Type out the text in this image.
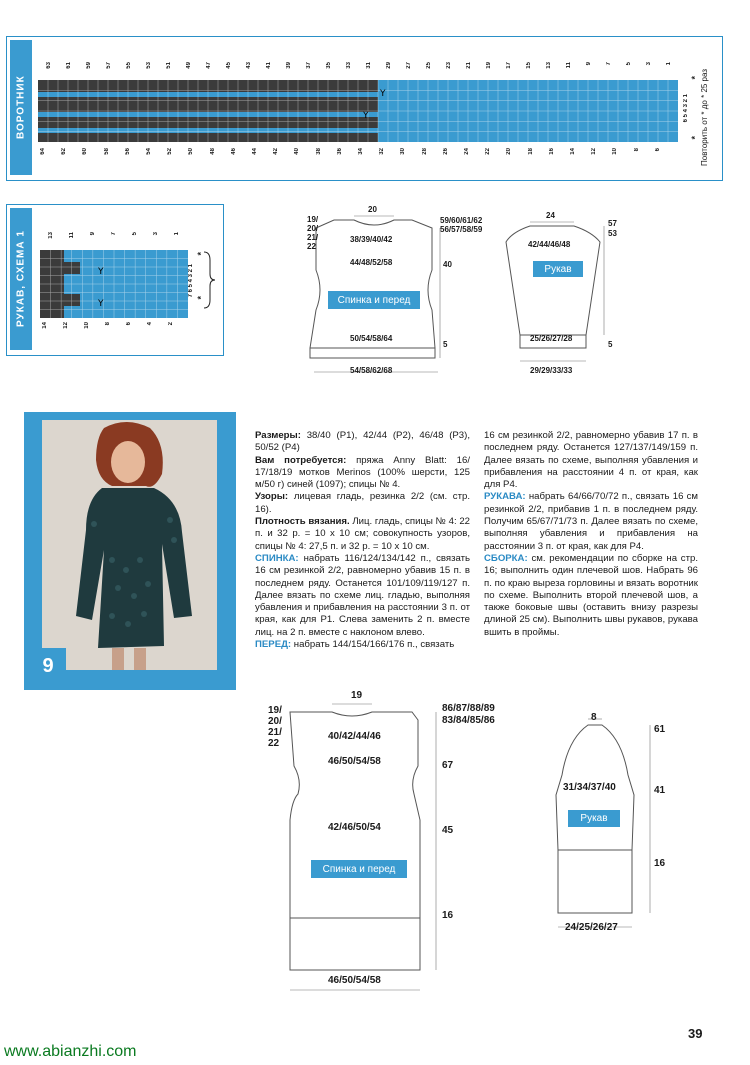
ВОРОТНИК	Y
Y
63 61 59 57 55 53 51 49 47 45 43 41 39 37 35 33 31 29 27 25 23 21 19 17 15 13 11 9 7 5 3 1
64	62	60	58	56	54	52	50	48	46	44	42	40	38	36	34	32	30	28	26	24	22	20	18	16	14	12	10	8	6
6 5 4 3 2 1
*
* Повторить от * до * 25 раз
РУКАВ, СХЕМА 1	Y
Y
13	11	9	7	5	3	1
14	12	10	8	6	4	2
7 6 5 4 3 2 1
*
*
20
19/
20/
21/
22
38/39/40/42
44/48/52/58
59/60/61/62
56/57/58/59
40
Спинка и перед
50/54/58/64
5
54/58/62/68
24
57
53
42/44/46/48
Рукав
25/26/27/28
5
29/29/33/33
9

Размеры: 38/40 (Р1), 42/44 (Р2), 46/48 (Р3), 50/52 (Р4)

Вам потребуется: пряжа Anny Blatt: 16/ 17/18/19 мотков Merinos (100% шерсти, 125 м/50 г) синей (1097); спицы № 4.

Узоры: лицевая гладь, резинка 2/2 (см. стр. 16).

Плотность вязания. Лиц. гладь, спицы № 4: 22 п. и 32 р. = 10 х 10 см; совокупность узоров, спицы № 4: 27,5 п. и 32 р. = 10 х 10 см.

СПИНКА: набрать 116/124/134/142 п., связать 16 см резинкой 2/2, равномерно убавив 15 п. в последнем ряду. Останется 101/109/119/127 п. Далее вязать по схеме лиц. гладью, выполняя убавления и прибавления на расстоянии 3 п. от края, как для Р1. Слева заменить 2 п. вместе лиц. на 2 п. вместе с наклоном влево.

ПЕРЕД: набрать 144/154/166/176 п., связать

16 см резинкой 2/2, равномерно убавив 17 п. в последнем ряду. Останется 127/137/149/159 п. Далее вязать по схеме, выполняя убавления и прибавления на расстоянии 4 п. от края, как для Р4.

РУКАВА: набрать 64/66/70/72 п., связать 16 см резинкой 2/2, прибавив 1 п. в последнем ряду. Получим 65/67/71/73 п. Далее вязать по схеме, выполняя убавления и прибавления на расстоянии 3 п. от края, как для Р4.

СБОРКА: см. рекомендации по сборке на стр. 16; выполнить один плечевой шов. Набрать 96 п. по краю выреза горловины и вязать воротник по схеме. Выполнить второй плечевой шов, а также боковые швы (оставить внизу разрезы длиной 25 см). Выполнить швы рукавов, рукава вшить в проймы.

19
19/
20/
21/
22
86/87/88/89
83/84/85/86
40/42/44/46
46/50/54/58	67
42/46/50/54	45
Спинка и перед
16
46/50/54/58
8
61
31/34/37/40	41
Рукав
16
24/25/26/27
www.abianzhi.com
39
